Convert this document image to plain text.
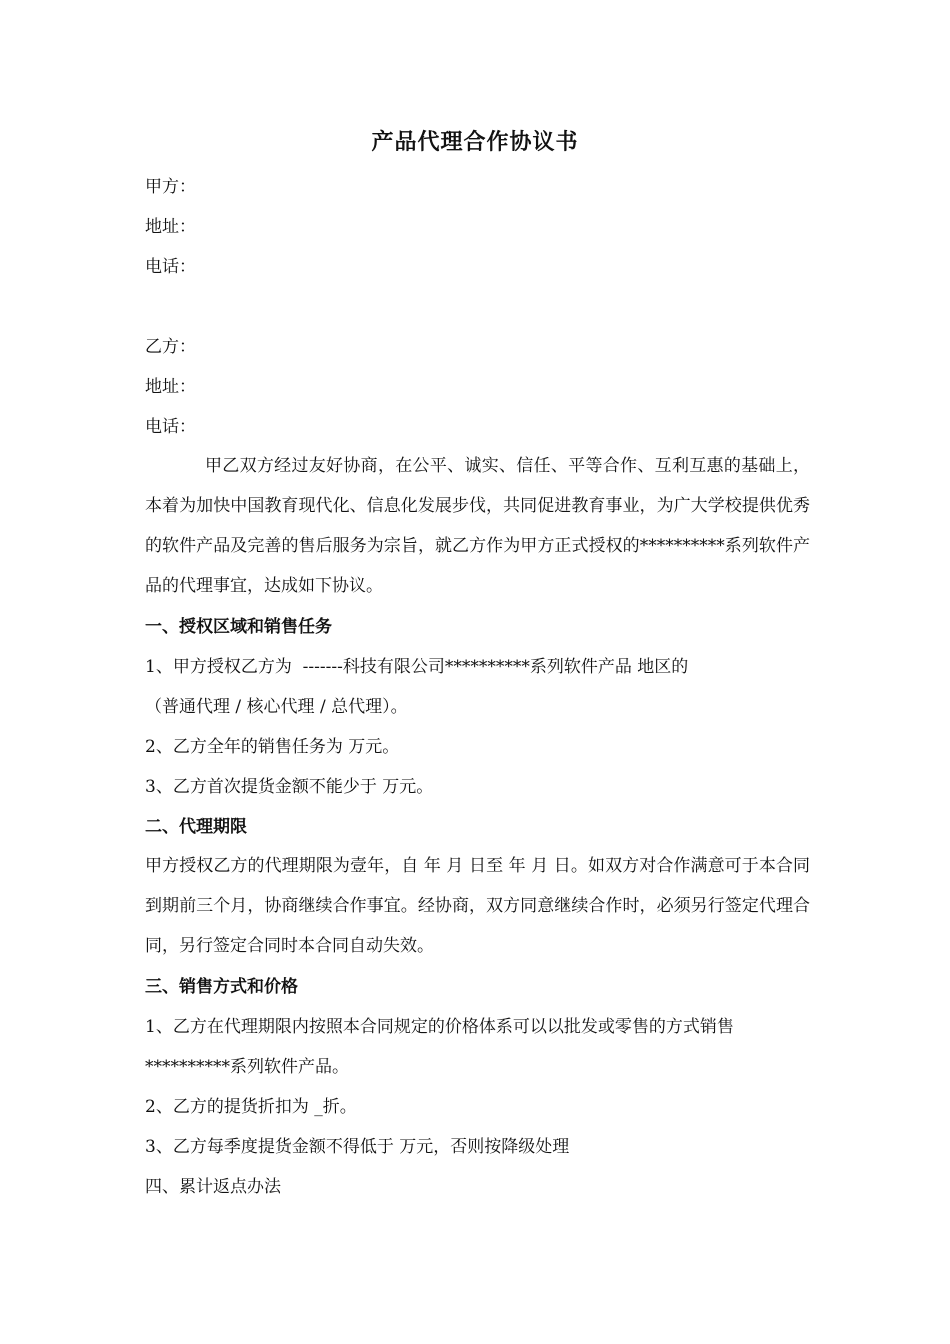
产品代理合作协议书
甲方：
地址：
电话：
乙方：
地址：
电话：
甲乙双方经过友好协商，在公平、诚实、信任、平等合作、互利互惠的基础上，本着为加快中国教育现代化、信息化发展步伐，共同促进教育事业，为广大学校提供优秀的软件产品及完善的售后服务为宗旨，就乙方作为甲方正式授权的**********系列软件产品的代理事宜，达成如下协议。
一、授权区域和销售任务
1、甲方授权乙方为  -------科技有限公司**********系列软件产品 地区的
（普通代理 / 核心代理 / 总代理）。
2、乙方全年的销售任务为 万元。
3、乙方首次提货金额不能少于 万元。
二、代理期限
甲方授权乙方的代理期限为壹年，自 年 月 日至 年 月 日。如双方对合作满意可于本合同到期前三个月，协商继续合作事宜。经协商，双方同意继续合作时，必须另行签定代理合同，另行签定合同时本合同自动失效。
三、销售方式和价格
1、乙方在代理期限内按照本合同规定的价格体系可以以批发或零售的方式销售
**********系列软件产品。
2、乙方的提货折扣为 _折。
3、乙方每季度提货金额不得低于 万元，否则按降级处理
四、累计返点办法
